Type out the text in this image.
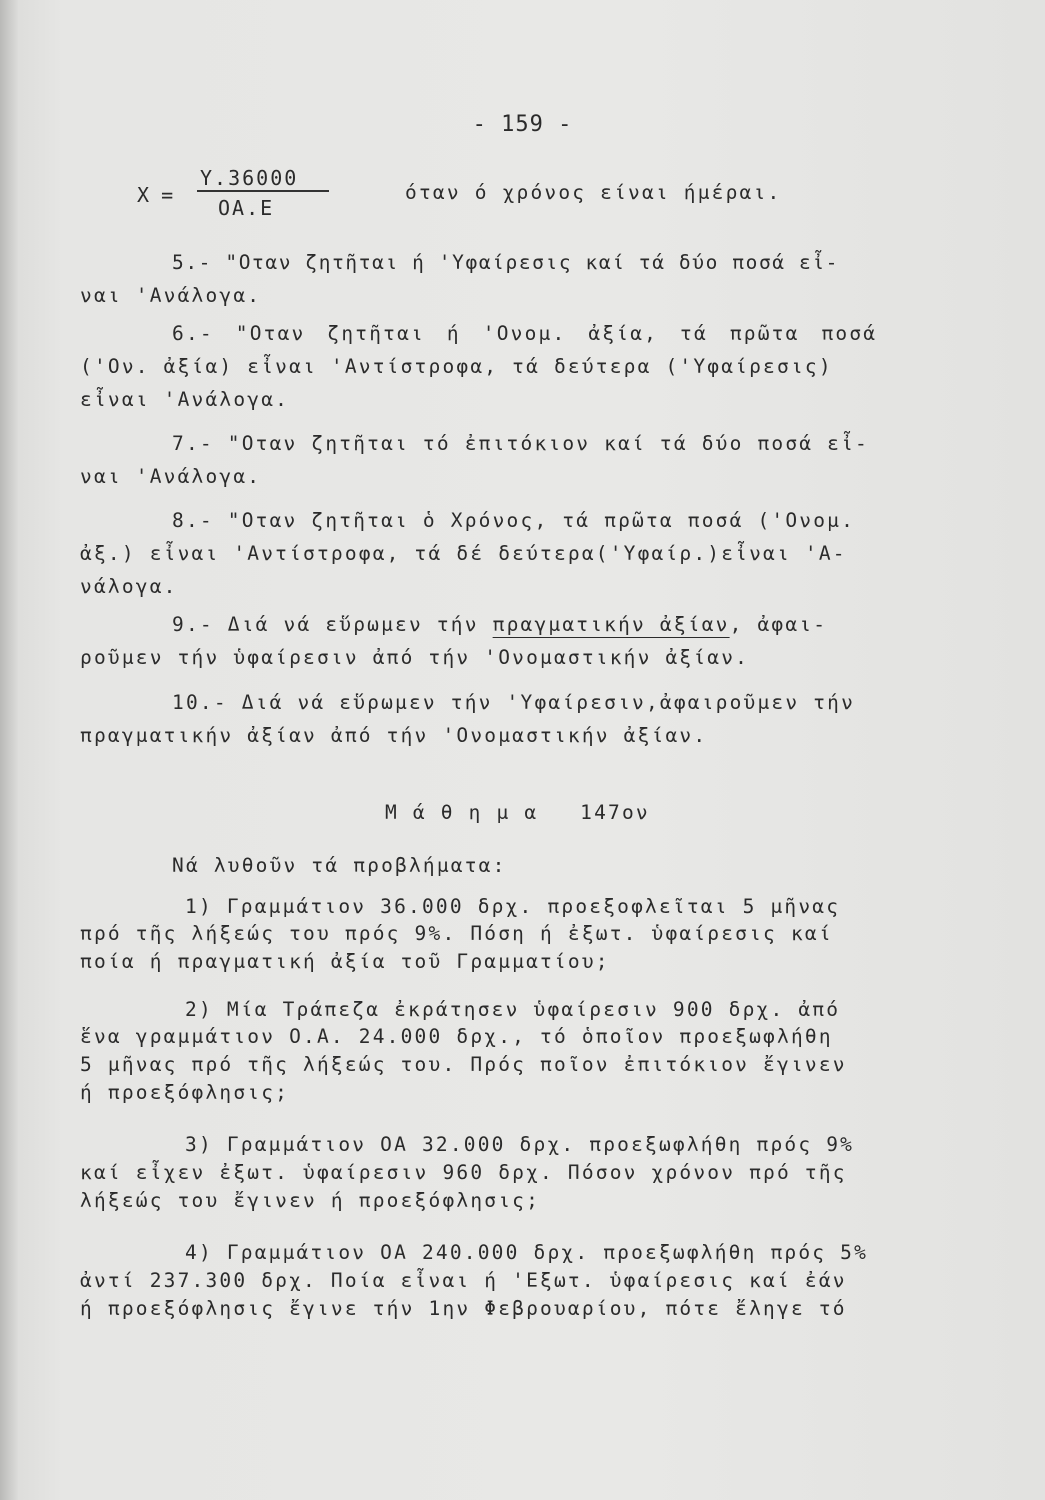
- 159 -
X =
Y.36000
OA.E
όταν ό χρόνος είναι ήμέραι.
5.- "Οταν ζητῆται ή 'Υφαίρεσις καί τά δύο ποσά εἶ-
ναι 'Ανάλογα.
6.- "Οταν ζητῆται ή 'Ονομ. ἀξία, τά πρῶτα ποσά
('Ον. ἀξία) εἶναι 'Αντίστροφα, τά δεύτερα ('Υφαίρεσις)
εἶναι 'Ανάλογα.
7.- "Οταν ζητῆται τό ἐπιτόκιον καί τά δύο ποσά εἶ-
ναι 'Ανάλογα.
8.- "Οταν ζητῆται ὁ Χρόνος, τά πρῶτα ποσά ('Ονομ.
ἀξ.) εἶναι 'Αντίστροφα, τά δέ δεύτερα('Υφαίρ.)εἶναι 'Α-
νάλογα.
9.- Διά νά εὕρωμεν τήν πραγματικήν ἀξίαν, ἀφαι-
ροῦμεν τήν ὑφαίρεσιν ἀπό τήν 'Ονομαστικήν ἀξίαν.
10.- Διά νά εὕρωμεν τήν 'Υφαίρεσιν,ἀφαιροῦμεν τήν
πραγματικήν ἀξίαν ἀπό τήν 'Ονομαστικήν ἀξίαν.
Μ ά θ η μ α   147ον
Νά λυθοῦν τά προβλήματα:
1) Γραμμάτιον 36.000 δρχ. προεξοφλεῖται 5 μῆνας
πρό τῆς λήξεώς του πρός 9%. Πόση ή ἐξωτ. ὑφαίρεσις καί
ποία ή πραγματική ἀξία τοῦ Γραμματίου;
2) Μία Τράπεζα ἐκράτησεν ὑφαίρεσιν 900 δρχ. ἀπό
ἕνα γραμμάτιον Ο.Α. 24.000 δρχ., τό ὁποῖον προεξωφλήθη
5 μῆνας πρό τῆς λήξεώς του. Πρός ποῖον ἐπιτόκιον ἔγινεν
ή προεξόφλησις;
3) Γραμμάτιον ΟΑ 32.000 δρχ. προεξωφλήθη πρός 9%
καί εἶχεν ἐξωτ. ὑφαίρεσιν 960 δρχ. Πόσον χρόνον πρό τῆς
λήξεώς του ἔγινεν ή προεξόφλησις;
4) Γραμμάτιον ΟΑ 240.000 δρχ. προεξωφλήθη πρός 5%
ἀντί 237.300 δρχ. Ποία εἶναι ή 'Εξωτ. ὑφαίρεσις καί ἐάν
ή προεξόφλησις ἔγινε τήν 1ην Φεβρουαρίου, πότε ἔληγε τό
